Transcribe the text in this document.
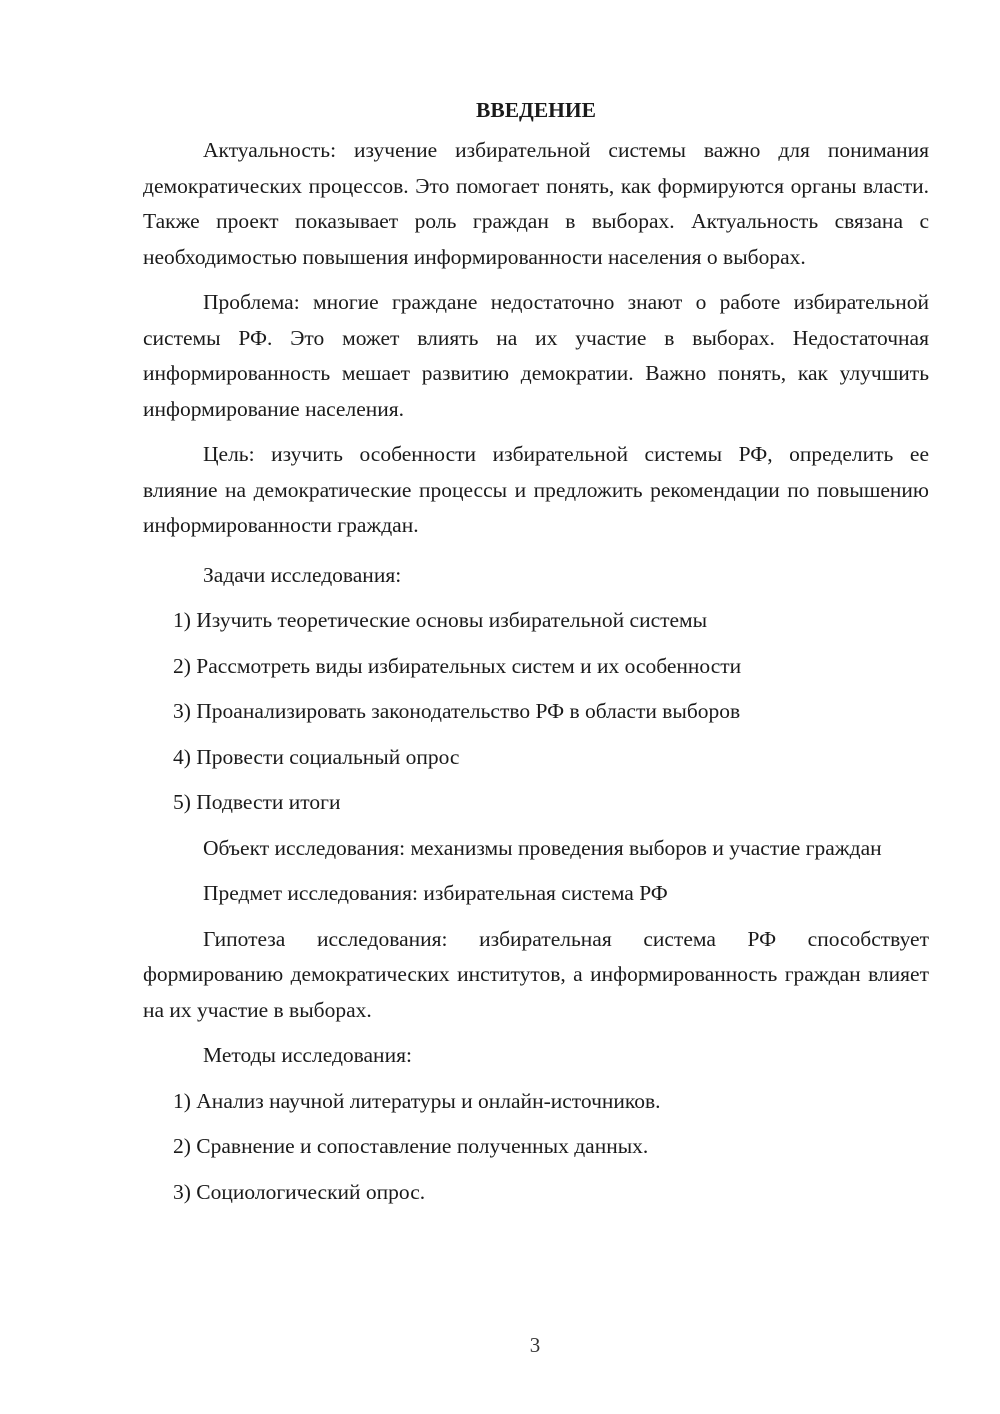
ВВЕДЕНИЕ

Актуальность: изучение избирательной системы важно для понимания демократических процессов. Это помогает понять, как формируются органы власти. Также проект показывает роль граждан в выборах. Актуальность связана с необходимостью повышения информированности населения о выборах.

Проблема: многие граждане недостаточно знают о работе избирательной системы РФ. Это может влиять на их участие в выборах. Недостаточная информированность мешает развитию демократии. Важно понять, как улучшить информирование населения.

Цель: изучить особенности избирательной системы РФ, определить ее влияние на демократические процессы и предложить рекомендации по повышению информированности граждан.

Задачи исследования:

1) Изучить теоретические основы избирательной системы
2) Рассмотреть виды избирательных систем и их особенности
3) Проанализировать законодательство РФ в области выборов
4) Провести социальный опрос
5) Подвести итоги

Объект исследования: механизмы проведения выборов и участие граждан

Предмет исследования: избирательная система РФ

Гипотеза исследования: избирательная система РФ способствует формированию демократических институтов, а информированность граждан влияет на их участие в выборах.

Методы исследования:

1) Анализ научной литературы и онлайн-источников.
2) Сравнение и сопоставление полученных данных.
3) Социологический опрос.
3
